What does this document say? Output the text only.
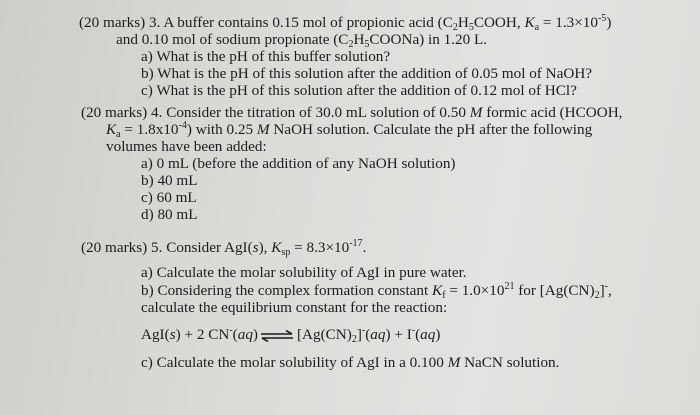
(20 marks) 3. A buffer contains 0.15 mol of propionic acid ($C_2H_5COOH$, $K_a = 1.3\times 10^{-5}$)
and 0.10 mol of sodium propionate $(C_2H_5COONa)$ in 1.20 L.
a) What is the pH of this buffer solution?
b) What is the pH of this solution after the addition of 0.05 mol of NaOH?
c) What is the pH of this solution after the addition of 0.12 mol of HCl?
(20 marks) 4. Consider the titration of 30.0 mL solution of 0.50 M formic acid (HCOOH,
$K_a = 1.8x10^{-4}$) with 0.25 M NaOH solution. Calculate the pH after the following
volumes have been added:
a) 0 mL (before the addition of any NaOH solution)
b) 40 mL
c) 60 mL
d) 80 mL
(20 marks) 5. Consider AgI(s), $K_{sp} = 8.3\times 10^{-17}$.
a) Calculate the molar solubility of AgI in pure water.
b) Considering the complex formation constant $K_f = 1.0\times 10^{21}$ for $[Ag(CN)_2]^-$,
calculate the equilibrium constant for the reaction:
AgI(s) + 2 CN-(aq) ⇌ $[Ag(CN)_2]^-(aq) + I^-(aq)$
c) Calculate the molar solubility of AgI in a 0.100 M NaCN solution.
